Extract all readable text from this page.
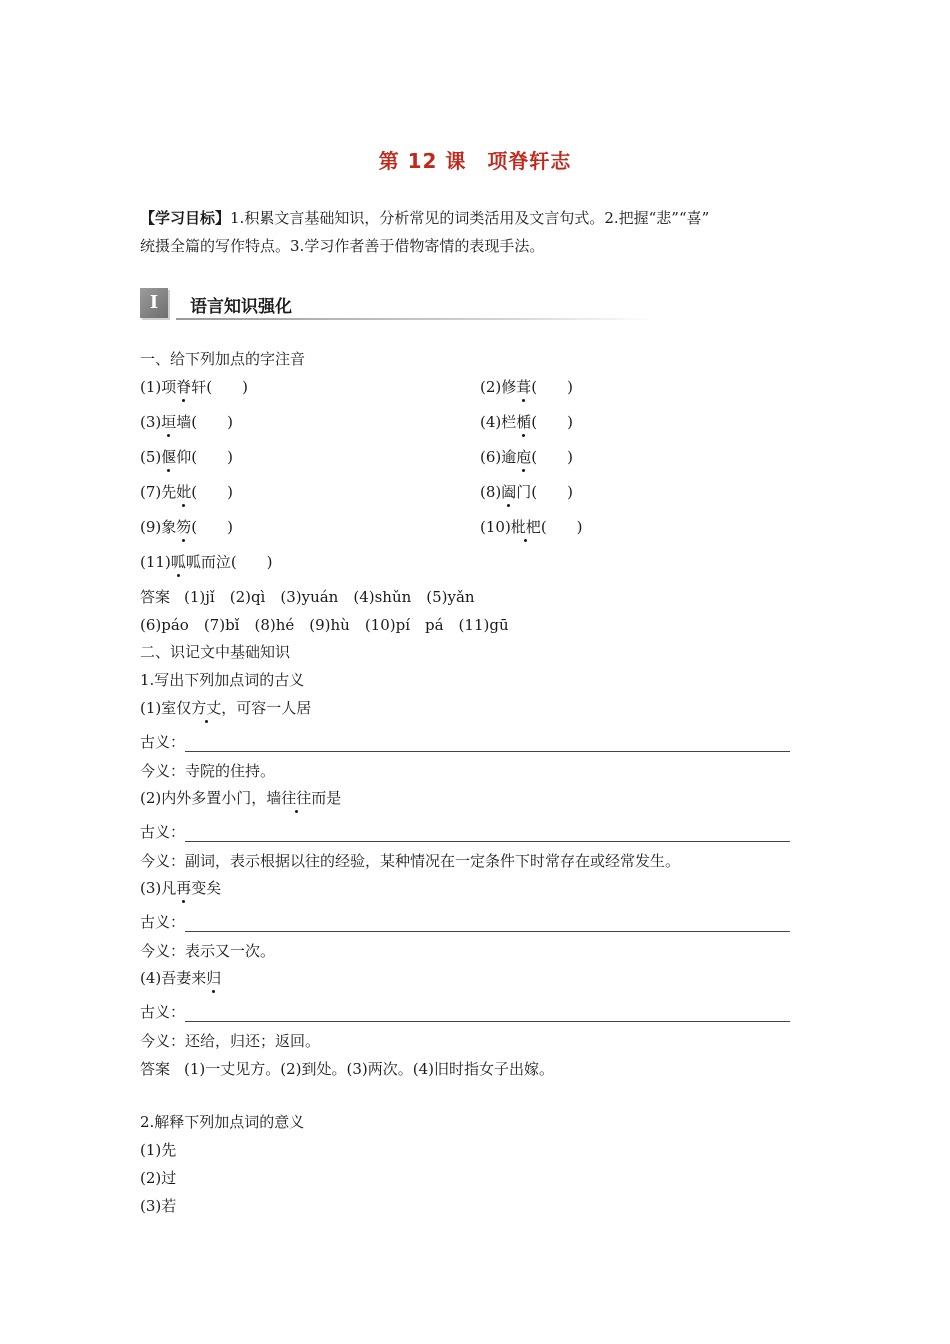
第 12 课　项脊轩志
【学习目标】1.积累文言基础知识，分析常见的词类活用及文言句式。2.把握“悲”“喜”
统摄全篇的写作特点。3.学习作者善于借物寄情的表现手法。
I	语言知识强化
一、给下列加点的字注音
(1)项脊轩(　　)	(2)修葺(　　)
(3)垣墙(　　)	(4)栏楯(　　)
(5)偃仰(　　)	(6)逾庖(　　)
(7)先妣(　　)	(8)阖门(　　)
(9)象笏(　　)	(10)枇杷(　　)
(11)呱呱而泣(　　)
答案 (1)jǐ　(2)qì　(3)yuán　(4)shǔn　(5)yǎn
(6)páo　(7)bǐ　(8)hé　(9)hù　(10)pí　pá　(11)gū
二、识记文中基础知识
1.写出下列加点词的古义
(1)室仅方丈，可容一人居
古义：
今义：寺院的住持。
(2)内外多置小门，墙往往而是
古义：
今义：副词，表示根据以往的经验，某种情况在一定条件下时常存在或经常发生。
(3)凡再变矣
古义：
今义：表示又一次。
(4)吾妻来归
古义：
今义：还给，归还；返回。
答案 (1)一丈见方。(2)到处。(3)两次。(4)旧时指女子出嫁。
2.解释下列加点词的意义
(1)先
(2)过
(3)若
